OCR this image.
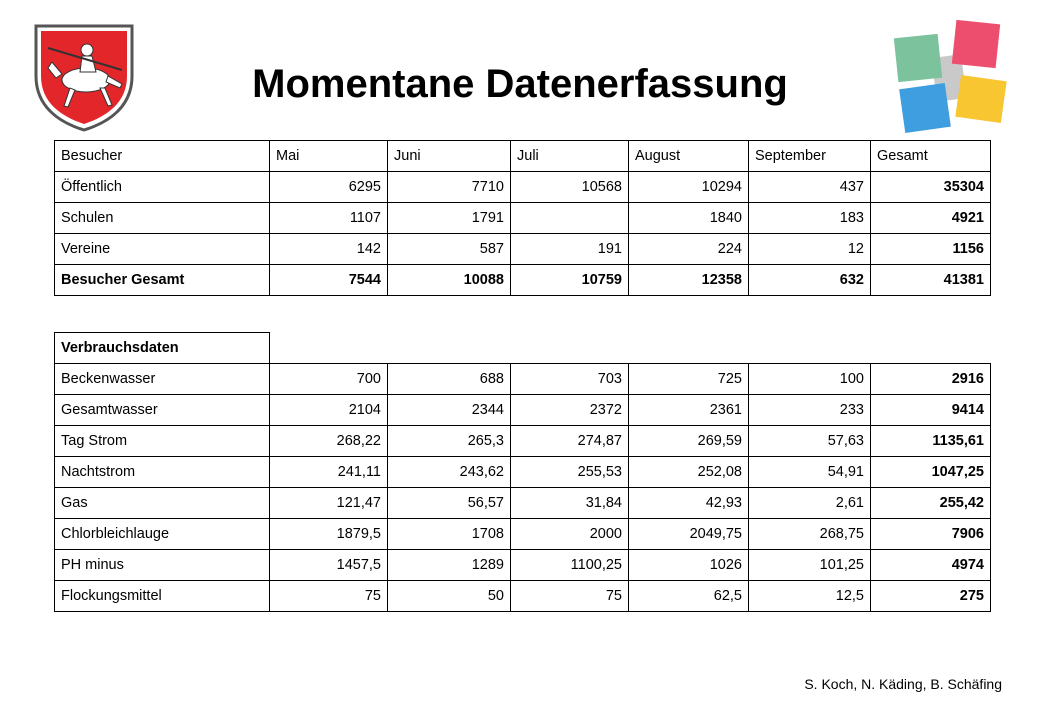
Momentane Datenerfassung
Besucher	Mai	Juni	Juli	August	September	Gesamt
Öffentlich	6295	7710	10568	10294	437	35304
Schulen	1107	1791		1840	183	4921
Vereine	142	587	191	224	12	1156
Besucher Gesamt	7544	10088	10759	12358	632	41381
Verbrauchsdaten						
Beckenwasser	700	688	703	725	100	2916
Gesamtwasser	2104	2344	2372	2361	233	9414
Tag Strom	268,22	265,3	274,87	269,59	57,63	1135,61
Nachtstrom	241,11	243,62	255,53	252,08	54,91	1047,25
Gas	121,47	56,57	31,84	42,93	2,61	255,42
Chlorbleichlauge	1879,5	1708	2000	2049,75	268,75	7906
PH minus	1457,5	1289	1100,25	1026	101,25	4974
Flockungsmittel	75	50	75	62,5	12,5	275
S. Koch, N. Käding, B. Schäfing
